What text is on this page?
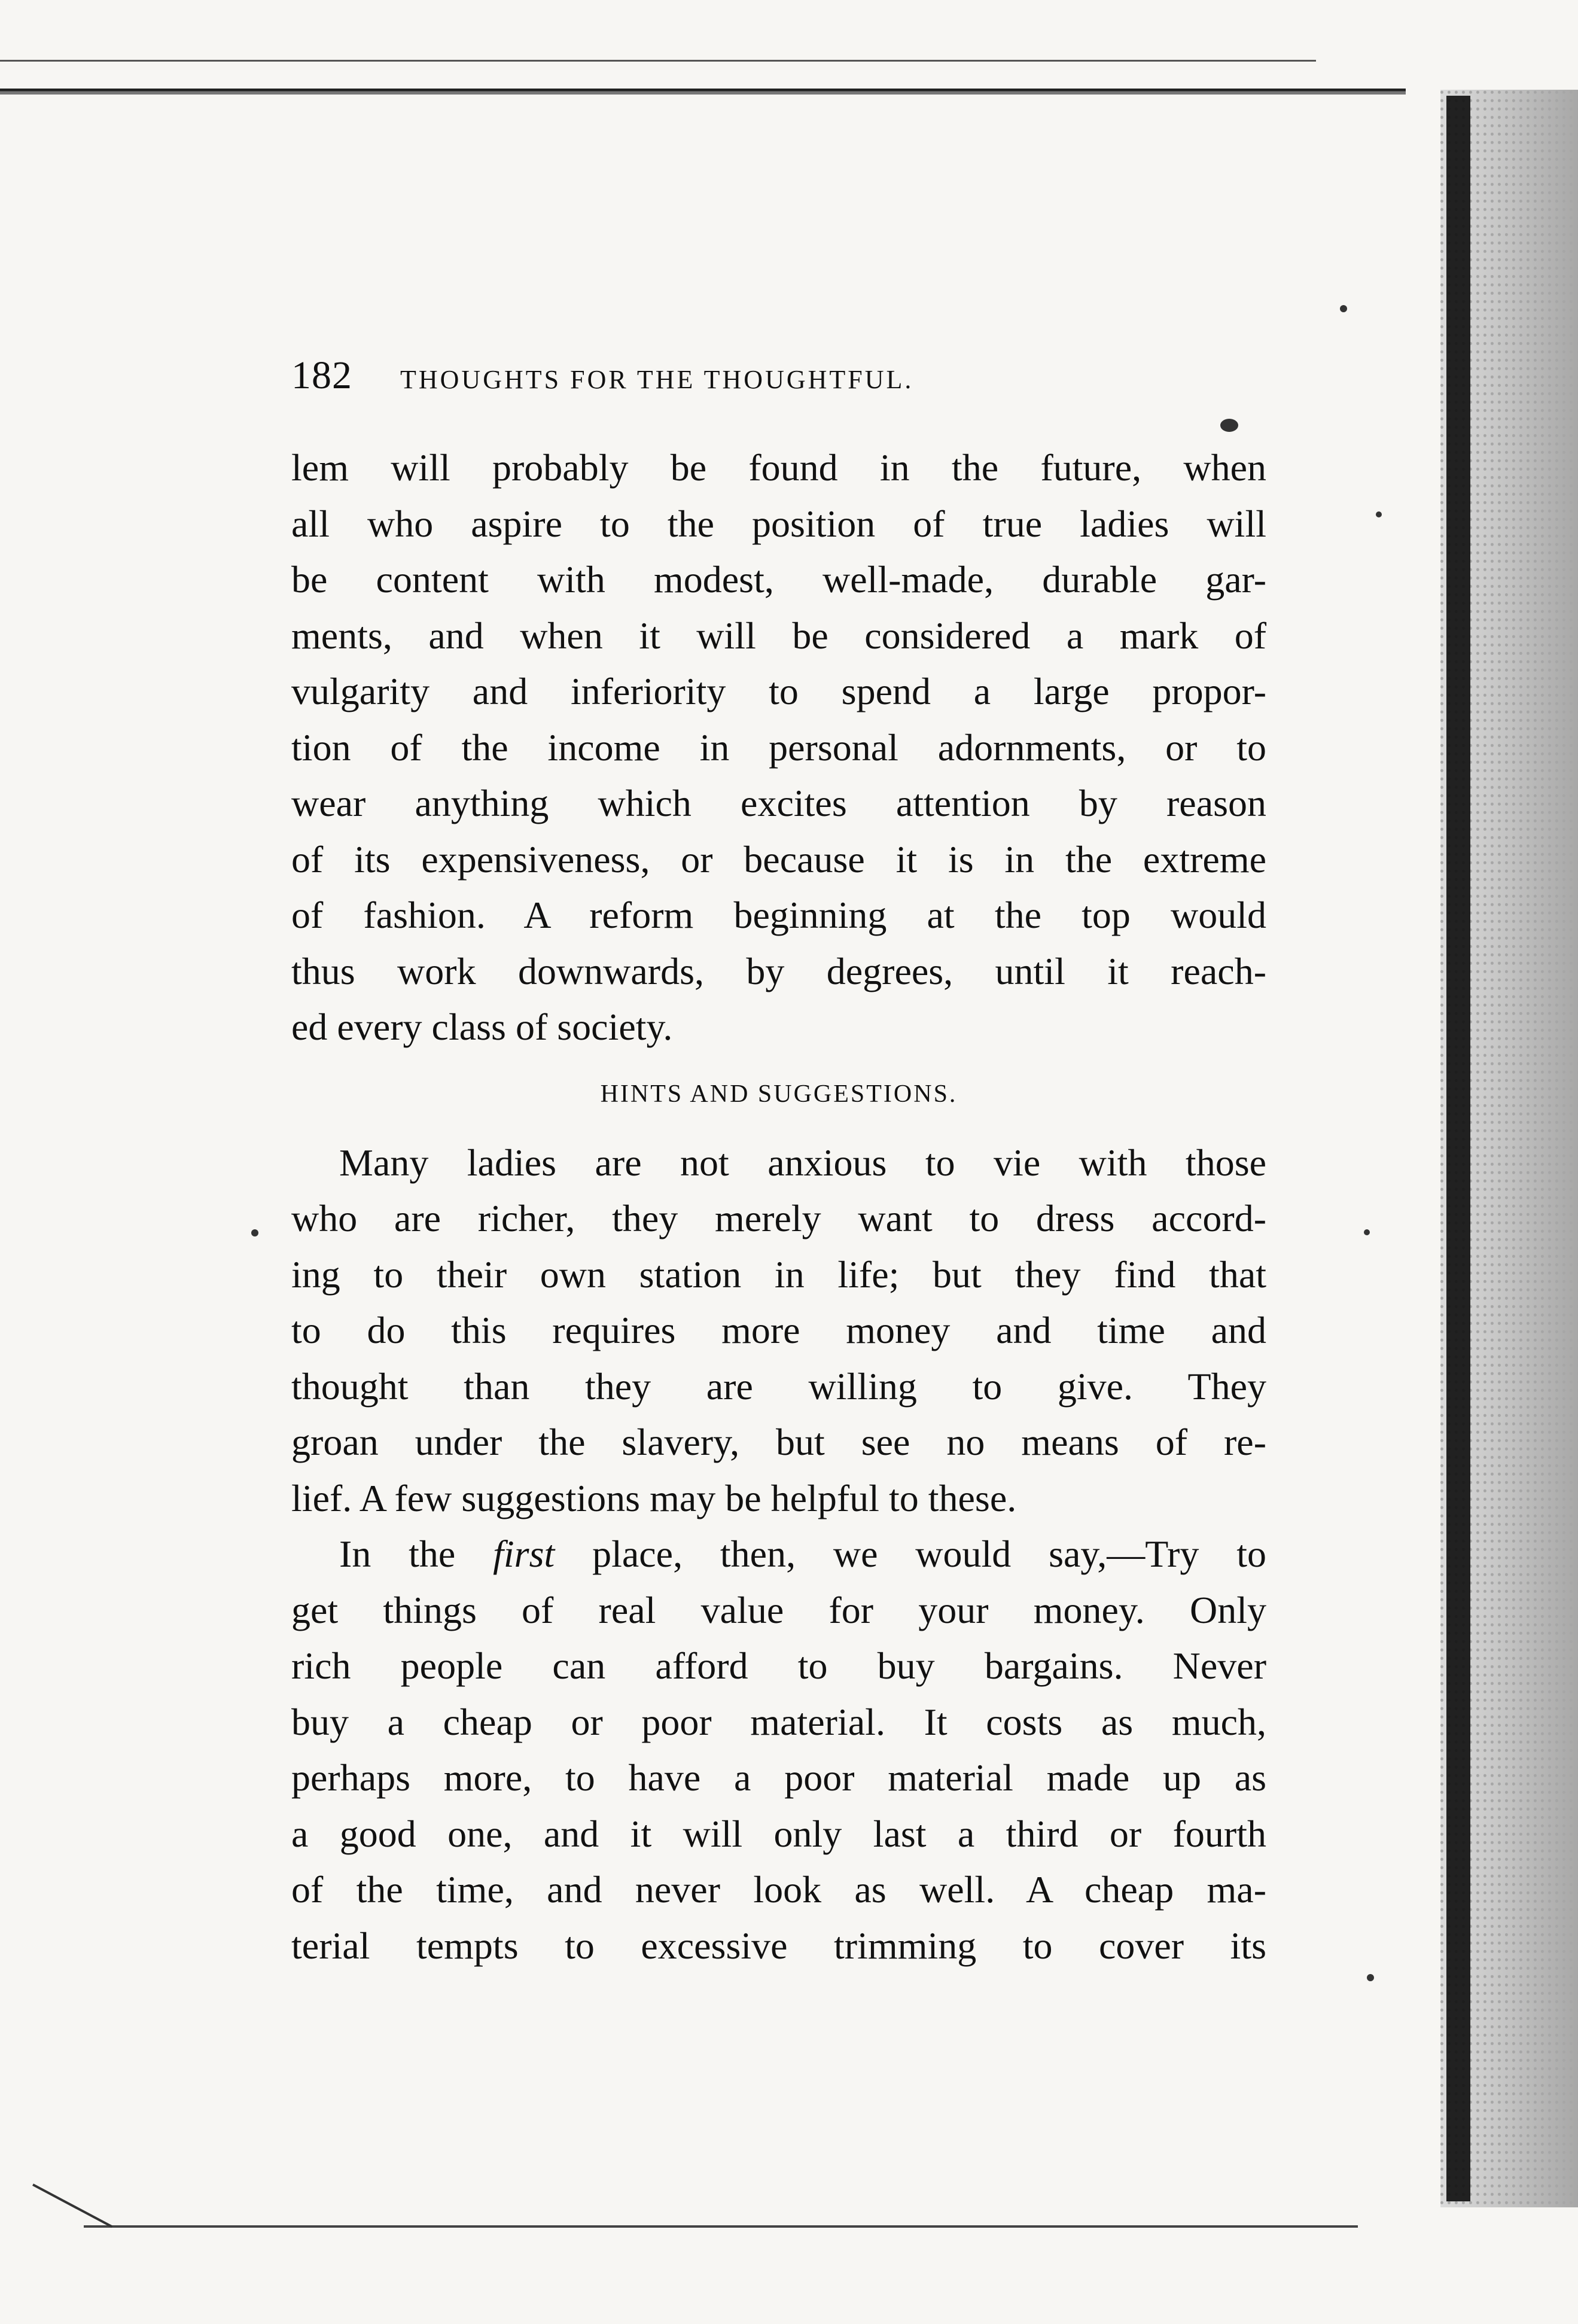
182 THOUGHTS FOR THE THOUGHTFUL.
lem will probably be found in the future, when
all who aspire to the position of true ladies will
be content with modest, well-made, durable gar-
ments, and when it will be considered a mark of
vulgarity and inferiority to spend a large propor-
tion of the income in personal adornments, or to
wear anything which excites attention by reason
of its expensiveness, or because it is in the extreme
of fashion. A reform beginning at the top would
thus work downwards, by degrees, until it reach-
ed every class of society.
HINTS AND SUGGESTIONS.
Many ladies are not anxious to vie with those
who are richer, they merely want to dress accord-
ing to their own station in life; but they find that
to do this requires more money and time and
thought than they are willing to give. They
groan under the slavery, but see no means of re-
lief. A few suggestions may be helpful to these.
In the first place, then, we would say,—Try to
get things of real value for your money. Only
rich people can afford to buy bargains. Never
buy a cheap or poor material. It costs as much,
perhaps more, to have a poor material made up as
a good one, and it will only last a third or fourth
of the time, and never look as well. A cheap ma-
terial tempts to excessive trimming to cover its
